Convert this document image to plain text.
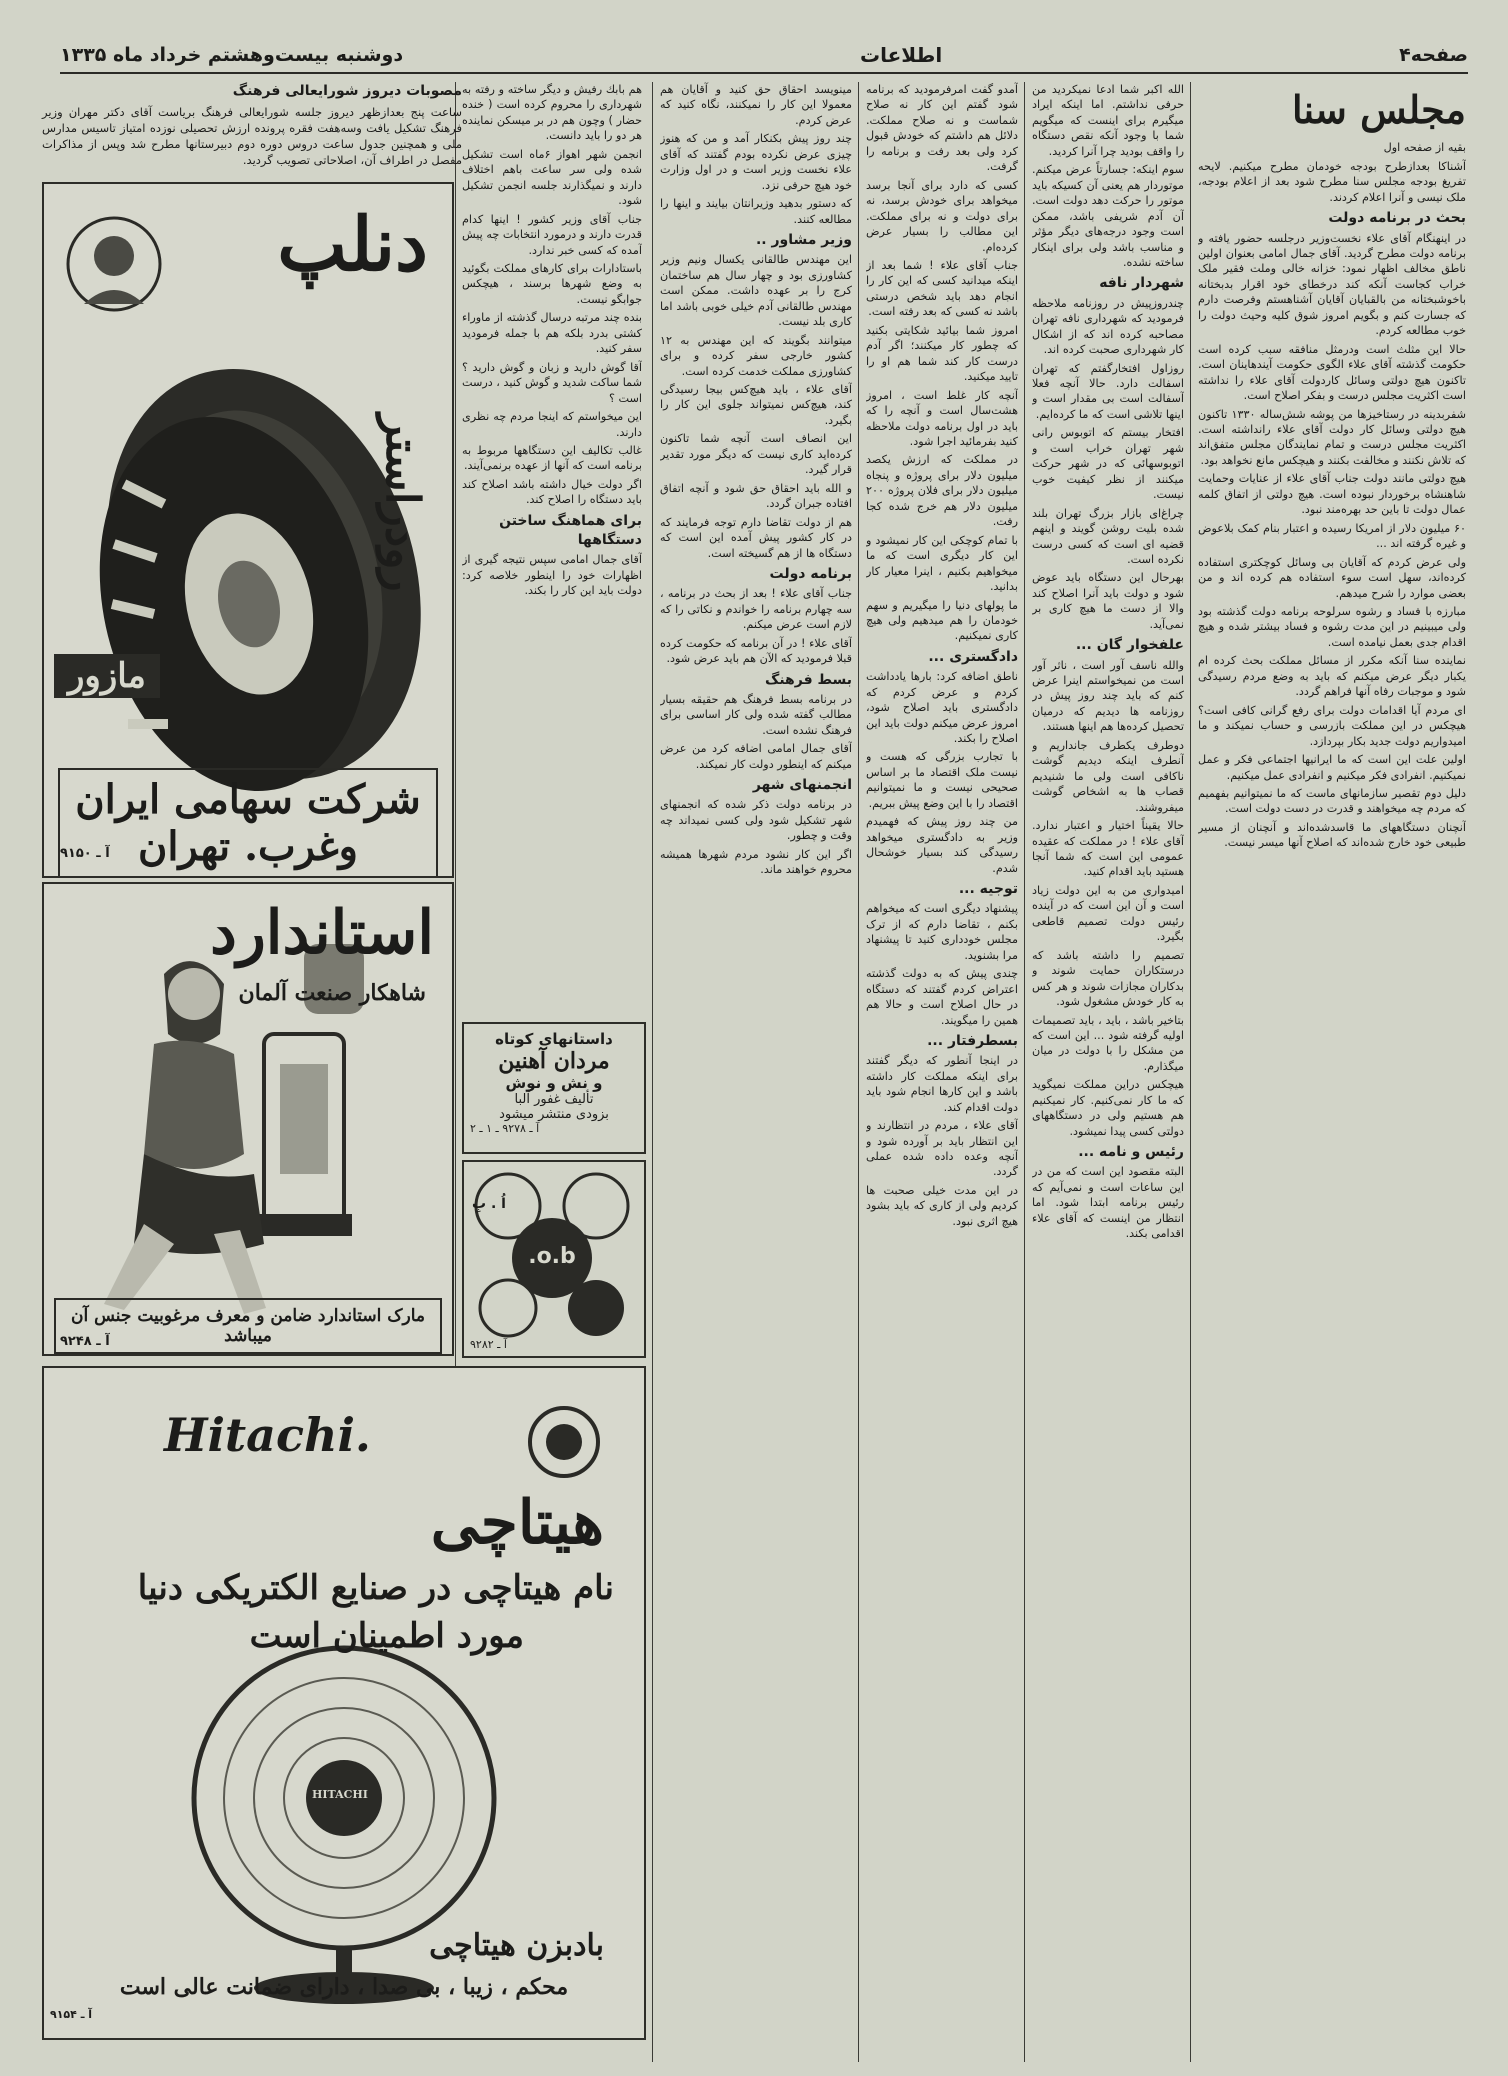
صفحه۴
اطلاعات
دوشنبه بیست‌وهشتم خرداد ماه ۱۳۳۵
مجلس سنا

بقیه از صفحه اول

آشناکا بعدازطرح بودجه خودمان مطرح میکنیم. لایحه تفریغ بودجه مجلس سنا مطرح شود بعد از اعلام بودجه، ملک نیسی و آنرا اعلام کردند.

بحث در برنامه دولت

در اینهنگام آقای علاء نخست‌وزیر درجلسه حضور یافته و برنامه دولت مطرح گردید. آقای جمال امامی بعنوان اولین ناطق مخالف اظهار نمود: خزانه خالی وملت فقیر ملک خراب کجاست آنکه کند درخطای خود اقرار بدبختانه باخوشبختانه من بالقبايان آقایان آشناهستم وفرصت دارم که جسارت کنم و بگویم امروز شوق کلیه وحیث دولت را خوب مطالعه کردم.

حالا این مثلث است ودرمثل منافقه سبب کرده است حکومت گذشته آقای علاء الگوی حکومت آیندهاینان است. تاکنون هیچ دولتی وسائل کاردولت آقای علاء را نداشته است اکثریت مجلس درست و بفکر اصلاح است.

شفربدینه در رستاخیزها من پوشه شش‌ساله ۱۳۳۰ تاکنون هیچ دولتی وسائل کار دولت آقای علاء رانداشته است. اکثریت مجلس درست و تمام نمایندگان مجلس متفق‌اند که تلاش نکنند و مخالفت بکنند و هیچکس مانع نخواهد بود.

هیچ دولتی مانند دولت جناب آقای علاء از عنایات وحمایت شاهنشاه برخوردار نبوده است. هیچ دولتی از اتفاق کلمه عمال دولت تا باین حد بهره‌مند نبود.

۶۰ میلیون دلار از امریکا رسیده و اعتبار بنام کمک بلاعوض و غیره گرفته اند ...

ولی عرض کردم که آقایان بی وسائل کوچکتری استفاده کرده‌اند، سهل است سوء استفاده هم کرده اند و من بعضی موارد را شرح میدهم.

مبارزه با فساد و رشوه سرلوحه برنامه دولت گذشته بود ولی میبینیم در این مدت رشوه و فساد بیشتر شده و هیچ اقدام جدی بعمل نیامده است.

نماینده سنا آنکه مکرر از مسائل مملکت بحث کرده ام یکبار دیگر عرض میکنم که باید به وضع مردم رسیدگی شود و موجبات رفاه آنها فراهم گردد.

ای مردم آیا اقدامات دولت برای رفع گرانی کافی است؟ هیچکس در این مملکت بازرسی و حساب نمیکند و ما امیدواریم دولت جدید بکار بپردازد.

اولین علت این است که ما ایرانیها اجتماعی فکر و عمل نمیکنیم. انفرادی فکر میکنیم و انفرادی عمل میکنیم.

دلیل دوم تقصیر سازمانهای ماست که ما نمیتوانیم بفهمیم که مردم چه میخواهند و قدرت در دست دولت است.

آنچنان دستگاههای ما قاسدشده‌اند و آنچنان از مسیر طبیعی خود خارج شده‌اند که اصلاح آنها میسر نیست.

الله اکبر شما ادعا نمیکردید من حرفی نداشتم. اما اینکه ایراد میگیرم برای اینست که میگویم شما با وجود آنکه نقص دستگاه را واقف بودید چرا آنرا کردید.

سوم اینکه: جسارتاً عرض میکنم. موتوردار هم یعنی آن کسیکه باید موتور را حرکت دهد دولت است. آن آدم شریفی باشد، ممکن است وجود درجه‌های دیگر مؤثر و مناسب باشد ولی برای اینکار ساخته نشده.

شهردار نافه

چندروزپیش در روزنامه ملاحظه فرمودید که شهرداری نافه تهران مصاحبه کرده اند که از اشکال کار شهرداری صحبت کرده اند.

روزاول افتخارگفتم که تهران اسفالت دارد. حالا آنچه فعلا آسفالت است بی مقدار است و اینها تلاشی است که ما کرده‌ایم.

افتخار بیستم که اتوبوس رانی شهر تهران خراب است و اتوبوسهائی که در شهر حرکت میکنند از نظر کیفیت خوب نیست.

چراغ‌ای بازار بزرگ تهران بلند شده بلیت روشن گویند و اینهم قضیه ای است که کسی درست نکرده است.

بهرحال این دستگاه باید عوض شود و دولت باید آنرا اصلاح کند والا از دست ما هیچ کاری بر نمی‌آید.

علفخوار گان ...

والله ناسف آور است ، ناثر آور است من نمیخواستم اینرا عرض کنم که باید چند روز پیش در روزنامه ها دیدیم که درمیان تحصیل کرده‌ها هم اینها هستند.

دوطرف یکطرف جانداریم و آنطرف اینکه دیدیم گوشت ناکافی است ولی ما شنیدیم قصاب ها به اشخاص گوشت میفروشند.

حالا یقیناً اختیار و اعتبار ندارد. آقای علاء ! در مملکت که عقیده عمومی این است که شما آنجا هستید باید اقدام کنید.

امیدواری من به این دولت زیاد است و آن این است که در آینده رئیس دولت تصمیم قاطعی بگیرد.

تصمیم را داشته باشد که درستکاران حمایت شوند و بدکاران مجازات شوند و هر کس به کار خودش مشغول شود.

بتاخیر باشد ، باید ، باید تصمیمات اولیه گرفته شود ... این است که من مشکل را با دولت در میان میگذارم.

هیچکس دراین مملکت نمیگوید که ما کار نمی‌کنیم. کار نمیکنیم هم هستیم ولی در دستگاههای دولتی کسی پیدا نمیشود.

رئیس و نامه ...

البته مقصود این است که من در این ساعات است و نمی‌آیم که رئیس برنامه ابتدا شود. اما انتظار من اینست که آقای علاء اقدامی بکند.

آمدو گفت امرفرمودید که برنامه شود گفتم این کار نه صلاح شماست و نه صلاح مملکت. دلائل هم داشتم که خودش قبول کرد ولی بعد رفت و برنامه را گرفت.

کسی که دارد برای آنجا برسد میخواهد برای خودش برسد، نه برای دولت و نه برای مملکت. این مطالب را بسیار عرض کرده‌ام.

جناب آقای علاء ! شما بعد از اینکه میدانید کسی که این کار را انجام دهد باید شخص درستی باشد نه کسی که بعد رفته است.

امروز شما بیائید شکایتی بکنید که چطور کار میکنند؛ اگر آدم درست کار کند شما هم او را تایید میکنید.

آنچه کار غلط است ، امروز هشت‌سال است و آنچه را که باید در اول برنامه دولت ملاحظه کنید بفرمائید اجرا شود.

در مملکت که ارزش یکصد میلیون دلار برای پروژه و پنجاه میلیون دلار برای فلان پروژه ۲۰۰ میلیون دلار هم خرج شده کجا رفت.

با تمام کوچکی این کار نمیشود و این کار دیگری است که ما میخواهیم بکنیم ، اینرا معیار کار بدانید.

ما پولهای دنیا را میگیریم و سهم خودمان را هم میدهیم ولی هیچ کاری نمیکنیم.

دادگستری ...

ناطق اضافه کرد: بارها یادداشت کردم و عرض کردم که دادگستری باید اصلاح شود، امروز عرض میکنم دولت باید این اصلاح را بکند.

با تجارب بزرگی که هست و نیست ملک اقتصاد ما بر اساس صحیحی نیست و ما نمیتوانیم اقتصاد را با این وضع پیش ببریم.

من چند روز پیش که فهمیدم وزیر به دادگستری میخواهد رسیدگی کند بسیار خوشحال شدم.

توجیه ...

پیشنهاد دیگری است که میخواهم بکنم ، تقاضا دارم که از ترک مجلس خودداری کنید تا پیشنهاد مرا بشنوید.

چندی پیش که به دولت گذشته اعتراض کردم گفتند که دستگاه در حال اصلاح است و حالا هم همین را میگویند.

بسطرفتار ...

در اینجا آنطور که دیگر گفتند برای اینکه مملکت کار داشته باشد و این کارها انجام شود باید دولت اقدام کند.

آقای علاء ، مردم در انتظارند و این انتظار باید بر آورده شود و آنچه وعده داده شده عملی گردد.

در این مدت خیلی صحبت ها کردیم ولی از کاری که باید بشود هیچ اثری نبود.

مینویسد احقاق حق کنید و آقایان هم معمولا این کار را نمیکنند، نگاه کنید که عرض کردم.

چند روز پیش بکنکار آمد و من که هنوز چیزی عرض نکرده بودم گفتند که آقای علاء نخست وزیر است و در اول وزارت خود هیچ حرفی نزد.

که دستور بدهید وزیرانتان بیایند و اینها را مطالعه کنند.

وزیر مشاور ..

این مهندس طالقانی یکسال ونیم وزیر کشاورزی بود و چهار سال هم ساختمان کرج را بر عهده داشت. ممکن است مهندس طالقانی آدم خیلی خوبی باشد اما کاری بلد نیست.

میتوانند بگویند که این مهندس به ۱۲ کشور خارجی سفر کرده و برای کشاورزی مملکت خدمت کرده است.

آقای علاء ، باید هیچ‌کس بیجا رسیدگی کند، هیچ‌کس نمیتواند جلوی این کار را بگیرد.

این انصاف است آنچه شما تاکنون کرده‌اید کاری نیست که دیگر مورد تقدیر قرار گیرد.

و الله باید احقاق حق شود و آنچه اتفاق افتاده جبران گردد.

هم از دولت تقاضا دارم توجه فرمایند که در کار کشور پیش آمده این است که دستگاه ها از هم گسیخته است.

برنامه دولت

جناب آقای علاء ! بعد از بحث در برنامه ، سه چهارم برنامه را خواندم و نکاتی را که لازم است عرض میکنم.

آقای علاء ! در آن برنامه که حکومت کرده قبلا فرمودید که الآن هم باید عرض شود.

بسط فرهنگ

در برنامه بسط فرهنگ هم حقیقه بسیار مطالب گفته شده ولی کار اساسی برای فرهنگ نشده است.

آقای جمال امامی اضافه کرد من عرض میکنم که اینطور دولت کار نمیکند.

انجمنهای شهر

در برنامه دولت ذکر شده که انجمنهای شهر تشکیل شود ولی کسی نمیداند چه وقت و چطور.

اگر این کار نشود مردم شهرها همیشه محروم خواهند ماند.

هم بابك رفيش و ديگر ساخته و رفته به شهرداری را محروم کرده است ( خنده حضار ) وچون هم در بر میسکن نماینده هر دو را باید دانست.

انجمن شهر اهواز ۶ماه است تشکیل شده ولی سر ساعت باهم اختلاف دارند و نمیگذارند جلسه انجمن تشکیل شود.

جناب آقای وزیر کشور ! اینها کدام قدرت دارند و درمورد انتخابات چه پیش آمده که کسی خبر ندارد.

باستادارات برای کارهای مملکت بگوئید به وضع شهرها برسند ، هیچکس جوابگو نیست.

بنده چند مرتبه درسال گذشته از ماوراء کشتی بدرد بلکه هم با جمله فرمودید سفر کنید.

آقا گوش دارید و زبان و گوش دارید ؟ شما ساکت شدید و گوش کنید ، درست است ؟

این میخواستم که اینجا مردم چه نظری دارند.

غالب تکالیف این دستگاهها مربوط به برنامه است که آنها از عهده برنمی‌آیند.

اگر دولت خیال داشته باشد اصلاح کند باید دستگاه را اصلاح کند.

برای هماهنگ ساختن دستگاهها

آقای جمال امامی سپس نتیجه گیری از اظهارات خود را اینطور خلاصه کرد: دولت باید این کار را بکند.

مصوبات دیروز شورایعالی فرهنگ
ساعت پنج بعدازظهر دیروز جلسه شورایعالی فرهنگ بریاست آقای دکتر مهران وزیر فرهنگ تشکیل یافت وسه‌هفت فقره پرونده ارزش تحصیلی نوزده امتیاز تاسیس مدارس ملی و همچنین جدول ساعت دروس دوره دوم دبیرستانها مطرح شد وپس از مذاکرات مفصل در اطراف آن، اصلاحاتی تصویب گردید.
دنلپ
رودراستر
مازور
شرکت سهامی ایران وغرب. تهران
آ ـ ۹۱۵۰
استاندارد
شاهکار صنعت آلمان
مارک استاندارد ضامن و معرف مرغوبیت جنس آن میباشد
آ ـ ۹۲۴۸
داستانهای کوتاه
مردان آهنین
و نش و نوش
تألیف غفور آلبا
بزودی منتشر میشود
آ ـ ۹۲۷۸ ـ ۱ ـ ۲
o.b.
اُ . بِ
آ ـ ۹۲۸۲
Hitachi.
هیتاچی
نام هیتاچی در صنایع الکتریکی دنیا
مورد اطمینان است
HITACHI
بادبزن هیتاچی
محکم ، زیبا ، بی صدا ، دارای ضمانت عالی است
آ ـ ۹۱۵۴
